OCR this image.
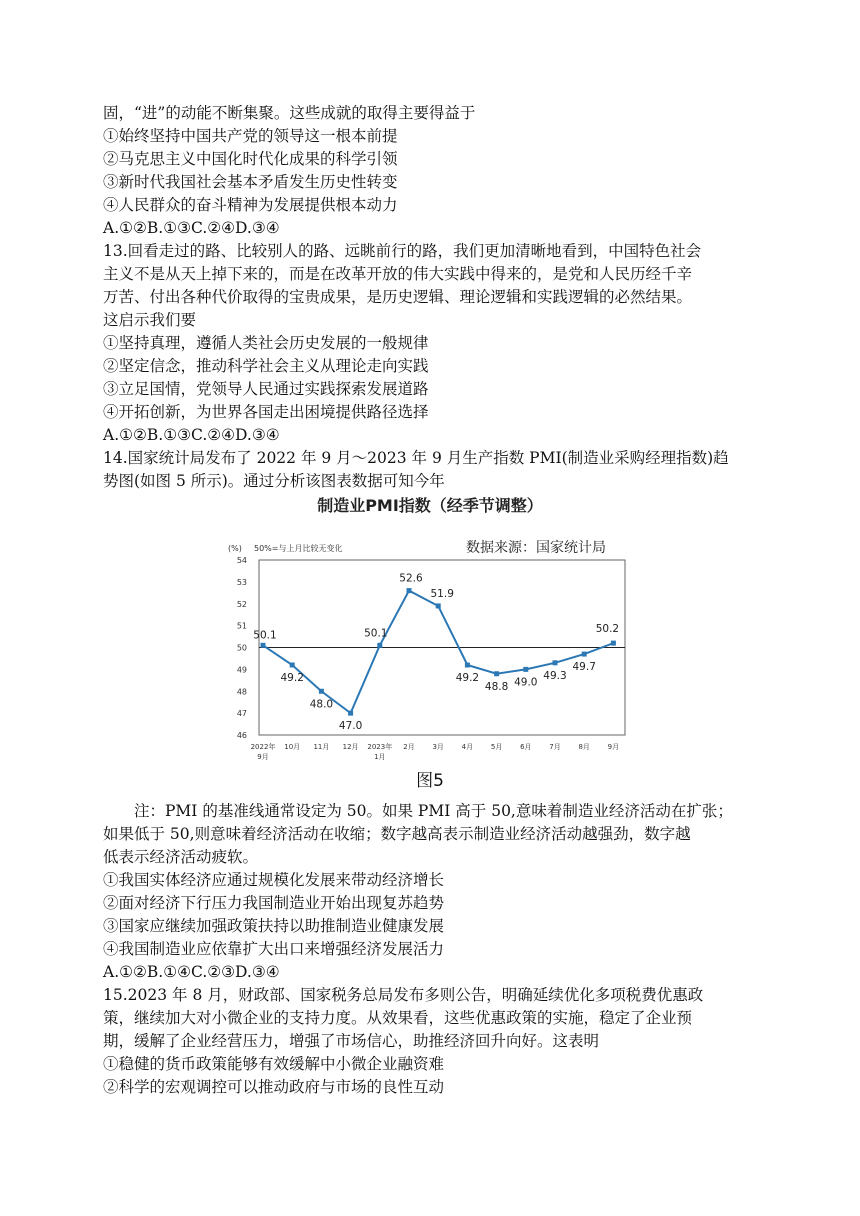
固，“进”的动能不断集聚。这些成就的取得主要得益于
①始终坚持中国共产党的领导这一根本前提
②马克思主义中国化时代化成果的科学引领
③新时代我国社会基本矛盾发生历史性转变
④人民群众的奋斗精神为发展提供根本动力
A.①②B.①③C.②④D.③④
13.回看走过的路、比较别人的路、远眺前行的路，我们更加清晰地看到，中国特色社会
主义不是从天上掉下来的，而是在改革开放的伟大实践中得来的，是党和人民历经千辛
万苦、付出各种代价取得的宝贵成果，是历史逻辑、理论逻辑和实践逻辑的必然结果。
这启示我们要
①坚持真理，遵循人类社会历史发展的一般规律
②坚定信念，推动科学社会主义从理论走向实践
③立足国情，党领导人民通过实践探索发展道路
④开拓创新，为世界各国走出困境提供路径选择
A.①②B.①③C.②④D.③④
14.国家统计局发布了 2022 年 9 月～2023 年 9 月生产指数 PMI(制造业采购经理指数)趋
势图(如图 5 所示)。通过分析该图表数据可知今年
制造业PMI指数（经季节调整）
(%) 50%=与上月比较无变化	数据来源：国家统计局
46
47
48
49
50
51
52
53
54
2022年 9月
10月 11月 12月 2023年 1月
2月	3月	4月	5月	6月	7月	8月	9月
50.1
49.2
48.0
47.0
50.1
52.6
51.9
49.2
48.8 49.0
49.3
49.7
50.2
图5
　　注：PMI 的基准线通常设定为 50。如果 PMI 高于 50,意味着制造业经济活动在扩张；
如果低于 50,则意味着经济活动在收缩；数字越高表示制造业经济活动越强劲，数字越
低表示经济活动疲软。
①我国实体经济应通过规模化发展来带动经济增长
②面对经济下行压力我国制造业开始出现复苏趋势
③国家应继续加强政策扶持以助推制造业健康发展
④我国制造业应依靠扩大出口来增强经济发展活力
A.①②B.①④C.②③D.③④
15.2023 年 8 月，财政部、国家税务总局发布多则公告，明确延续优化多项税费优惠政
策，继续加大对小微企业的支持力度。从效果看，这些优惠政策的实施，稳定了企业预
期，缓解了企业经营压力，增强了市场信心，助推经济回升向好。这表明
①稳健的货币政策能够有效缓解中小微企业融资难
②科学的宏观调控可以推动政府与市场的良性互动
